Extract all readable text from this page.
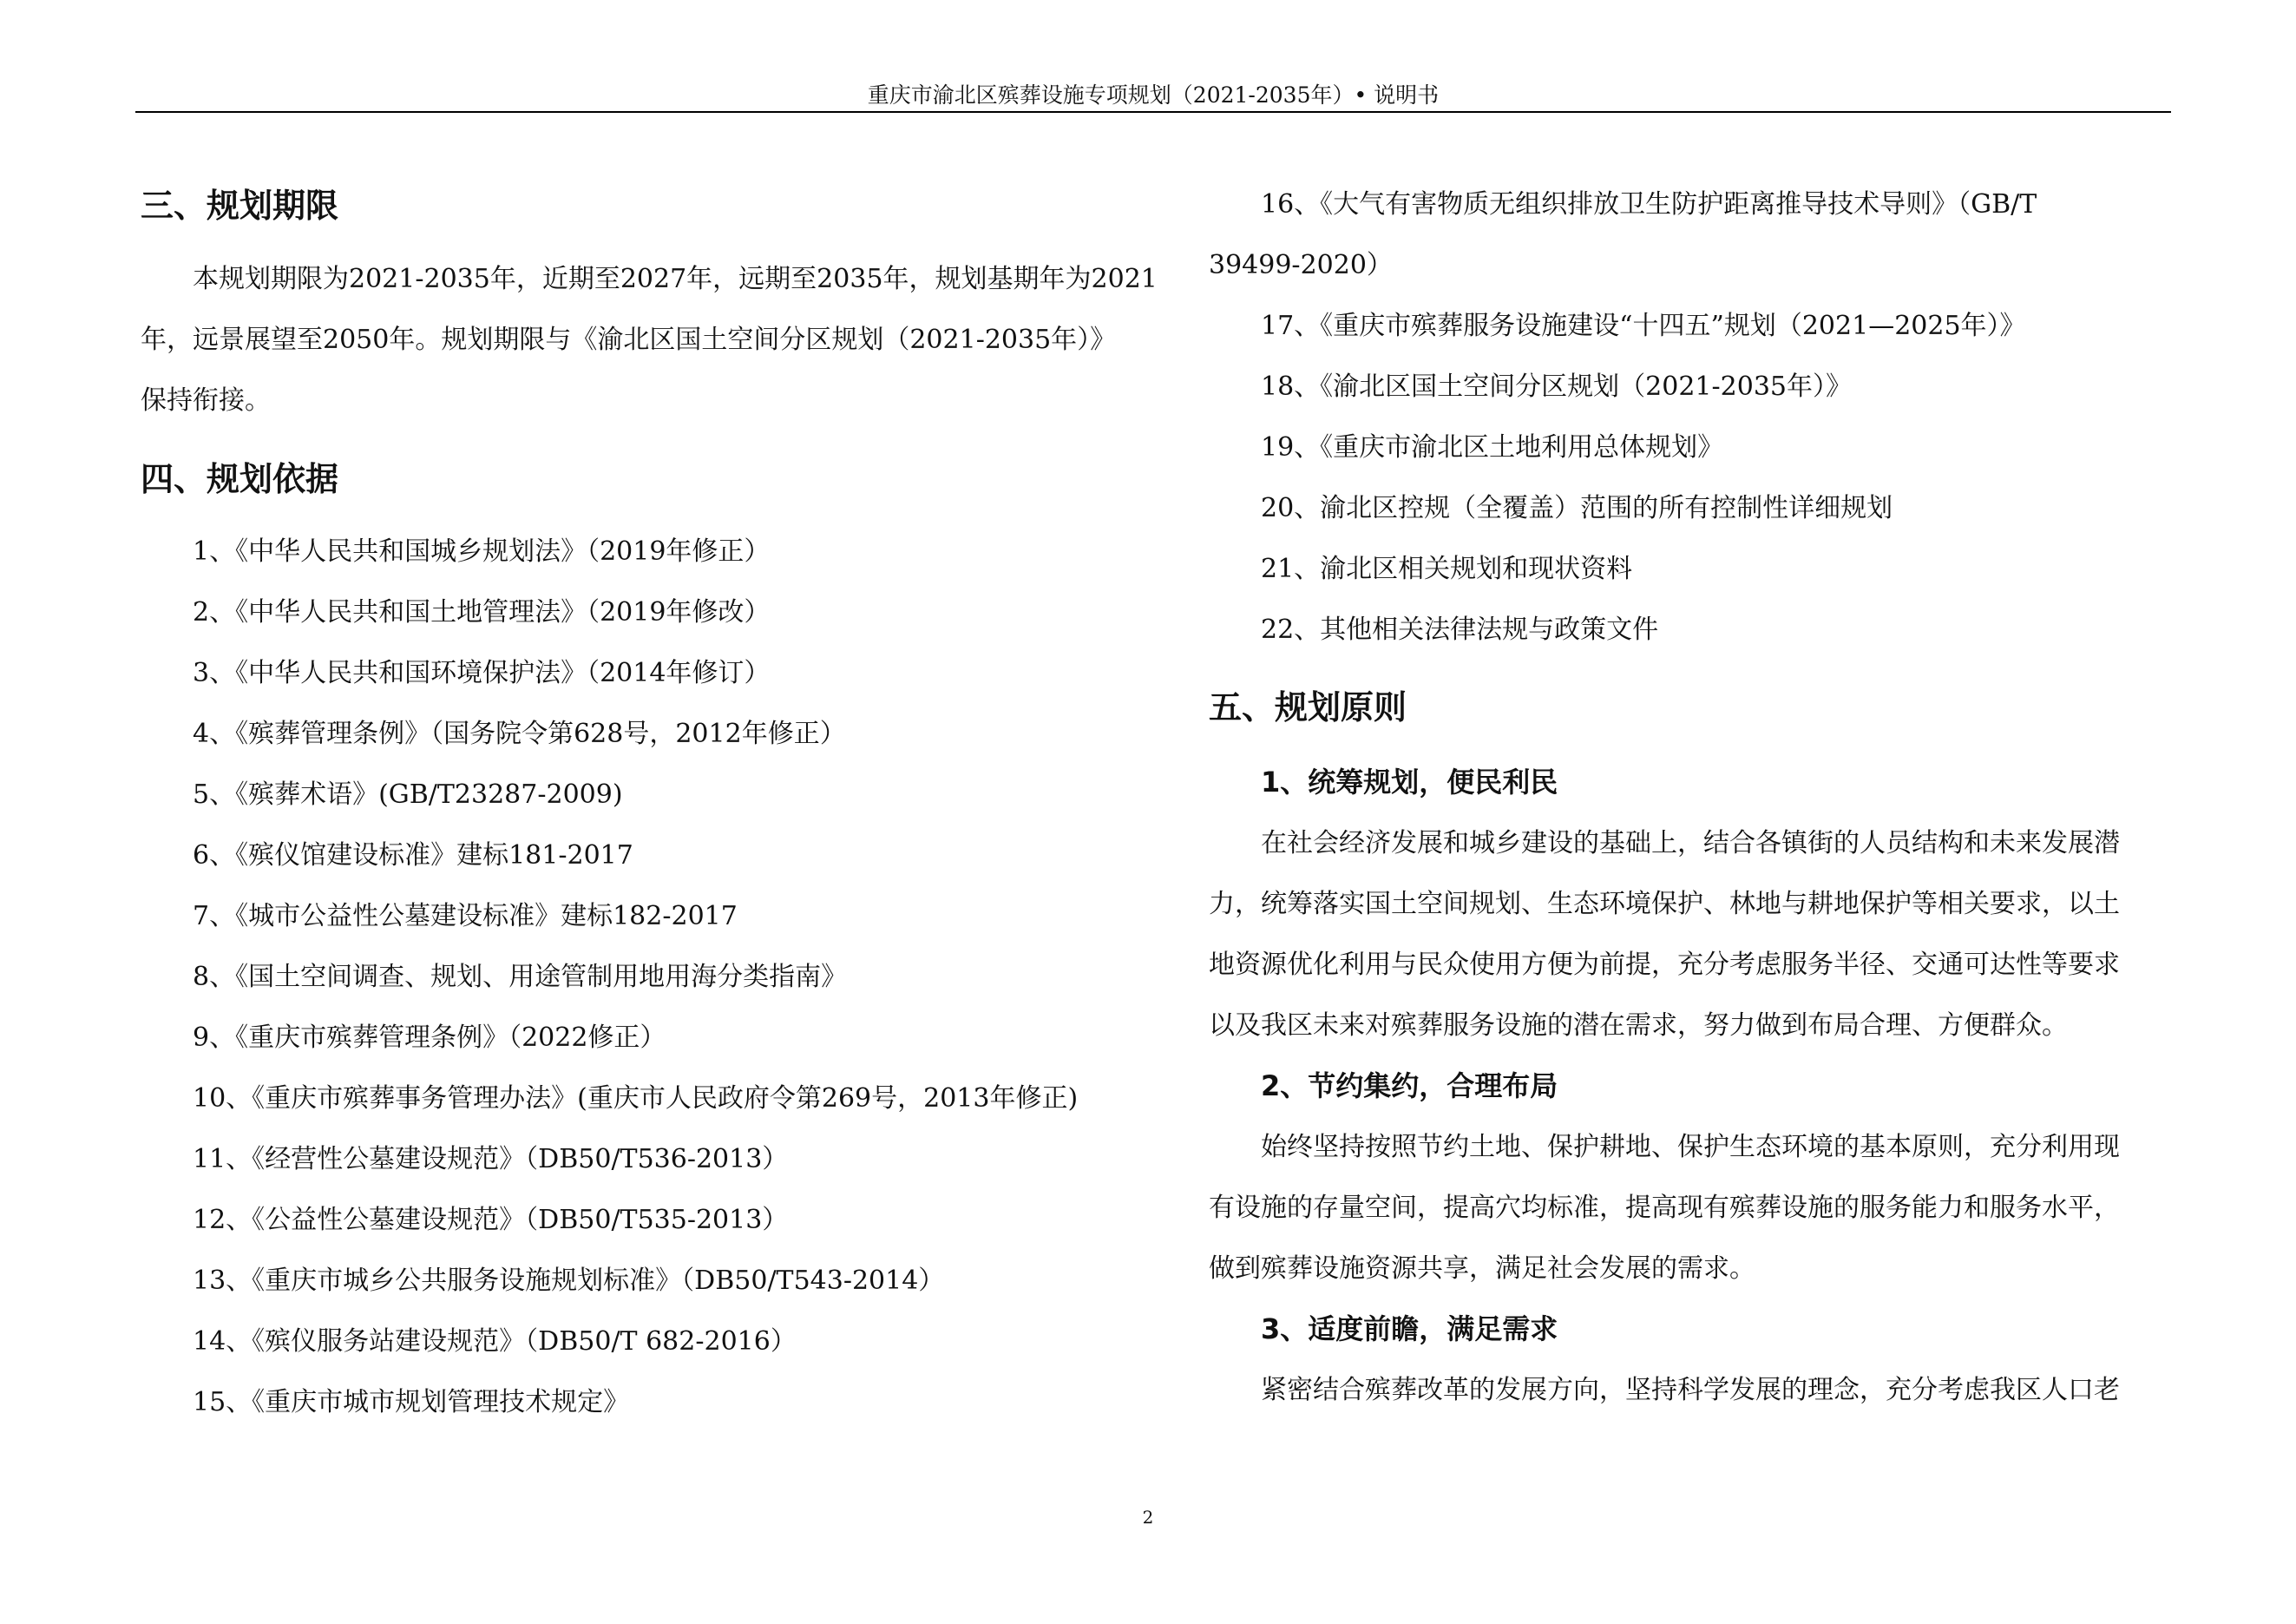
重庆市渝北区殡葬设施专项规划（2021-2035年）• 说明书
三、规划期限
本规划期限为2021-2035年，近期至2027年，远期至2035年，规划基期年为2021
年，远景展望至2050年。规划期限与《渝北区国土空间分区规划（2021-2035年）》
保持衔接。
四、规划依据
1、《中华人民共和国城乡规划法》（2019年修正）
2、《中华人民共和国土地管理法》（2019年修改）
3、《中华人民共和国环境保护法》（2014年修订）
4、《殡葬管理条例》（国务院令第628号，2012年修正）
5、《殡葬术语》(GB/T23287-2009)
6、《殡仪馆建设标准》建标181-2017
7、《城市公益性公墓建设标准》建标182-2017
8、《国土空间调查、规划、用途管制用地用海分类指南》
9、《重庆市殡葬管理条例》（2022修正）
10、《重庆市殡葬事务管理办法》(重庆市人民政府令第269号，2013年修正)
11、《经营性公墓建设规范》（DB50/T536-2013）
12、《公益性公墓建设规范》（DB50/T535-2013）
13、《重庆市城乡公共服务设施规划标准》（DB50/T543-2014）
14、《殡仪服务站建设规范》（DB50/T 682-2016）
15、《重庆市城市规划管理技术规定》
16、《大气有害物质无组织排放卫生防护距离推导技术导则》（GB/T
39499-2020）
17、《重庆市殡葬服务设施建设“十四五”规划（2021—2025年）》
18、《渝北区国土空间分区规划（2021-2035年）》
19、《重庆市渝北区土地利用总体规划》
20、渝北区控规（全覆盖）范围的所有控制性详细规划
21、渝北区相关规划和现状资料
22、其他相关法律法规与政策文件
五、规划原则
1、统筹规划，便民利民
在社会经济发展和城乡建设的基础上，结合各镇街的人员结构和未来发展潜
力，统筹落实国土空间规划、生态环境保护、林地与耕地保护等相关要求，以土
地资源优化利用与民众使用方便为前提，充分考虑服务半径、交通可达性等要求
以及我区未来对殡葬服务设施的潜在需求，努力做到布局合理、方便群众。
2、节约集约，合理布局
始终坚持按照节约土地、保护耕地、保护生态环境的基本原则，充分利用现
有设施的存量空间，提高穴均标准，提高现有殡葬设施的服务能力和服务水平，
做到殡葬设施资源共享，满足社会发展的需求。
3、适度前瞻，满足需求
紧密结合殡葬改革的发展方向，坚持科学发展的理念，充分考虑我区人口老
2
